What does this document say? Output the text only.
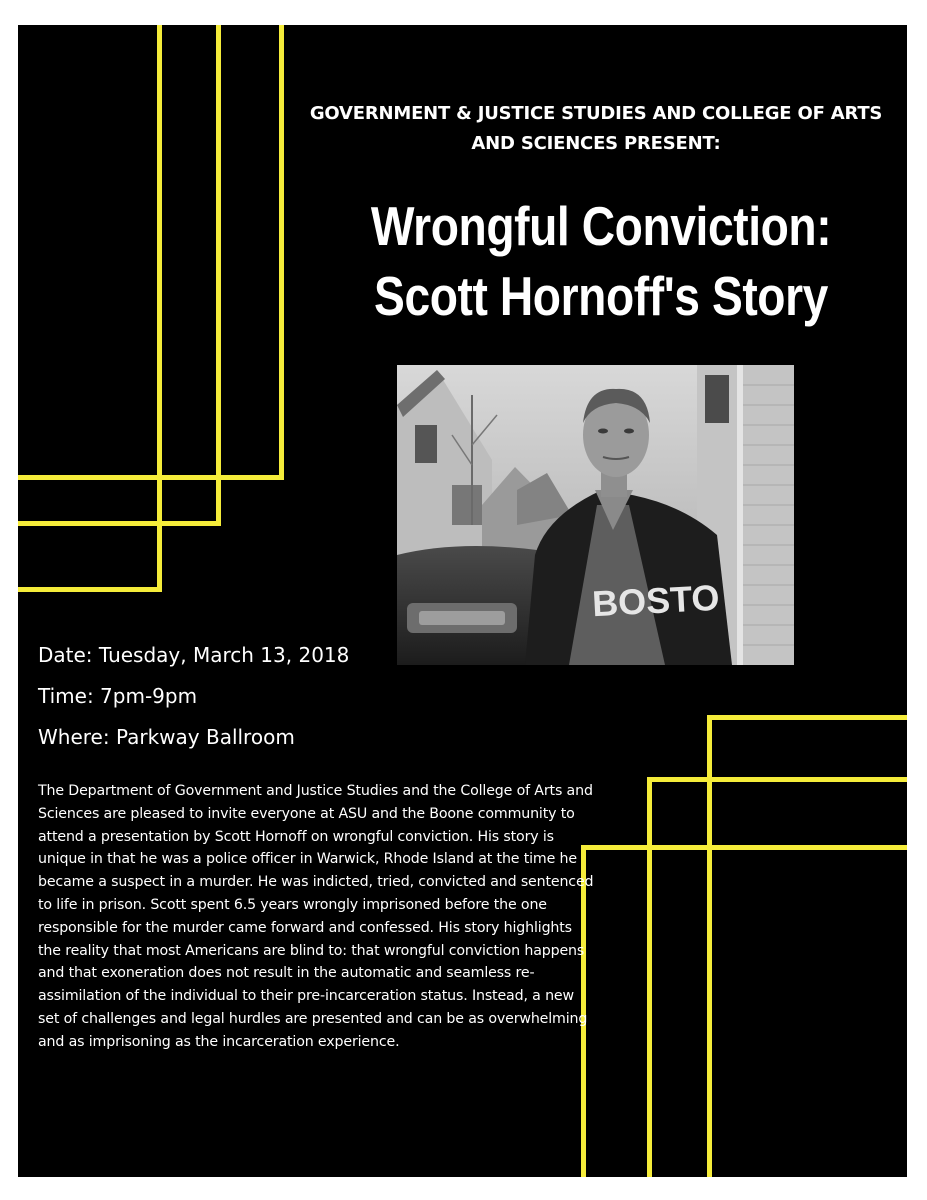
GOVERNMENT & JUSTICE STUDIES AND COLLEGE OF ARTS
AND SCIENCES PRESENT:
Wrongful Conviction:
Scott Hornoff's Story
BOSTO
Date: Tuesday, March 13, 2018
Time: 7pm-9pm
Where: Parkway Ballroom

The Department of Government and Justice Studies and the College of Arts and Sciences are pleased to invite everyone at ASU and the Boone community to attend a presentation by Scott Hornoff on wrongful conviction. His story is unique in that he was a police officer in Warwick, Rhode Island at the time he became a suspect in a murder. He was indicted, tried, convicted and sentenced to life in prison. Scott spent 6.5 years wrongly imprisoned before the one responsible for the murder came forward and confessed. His story highlights the reality that most Americans are blind to: that wrongful conviction happens and that exoneration does not result in the automatic and seamless re-assimilation of the individual to their pre-incarceration status. Instead, a new set of challenges and legal hurdles are presented and can be as overwhelming and as imprisoning as the incarceration experience.
